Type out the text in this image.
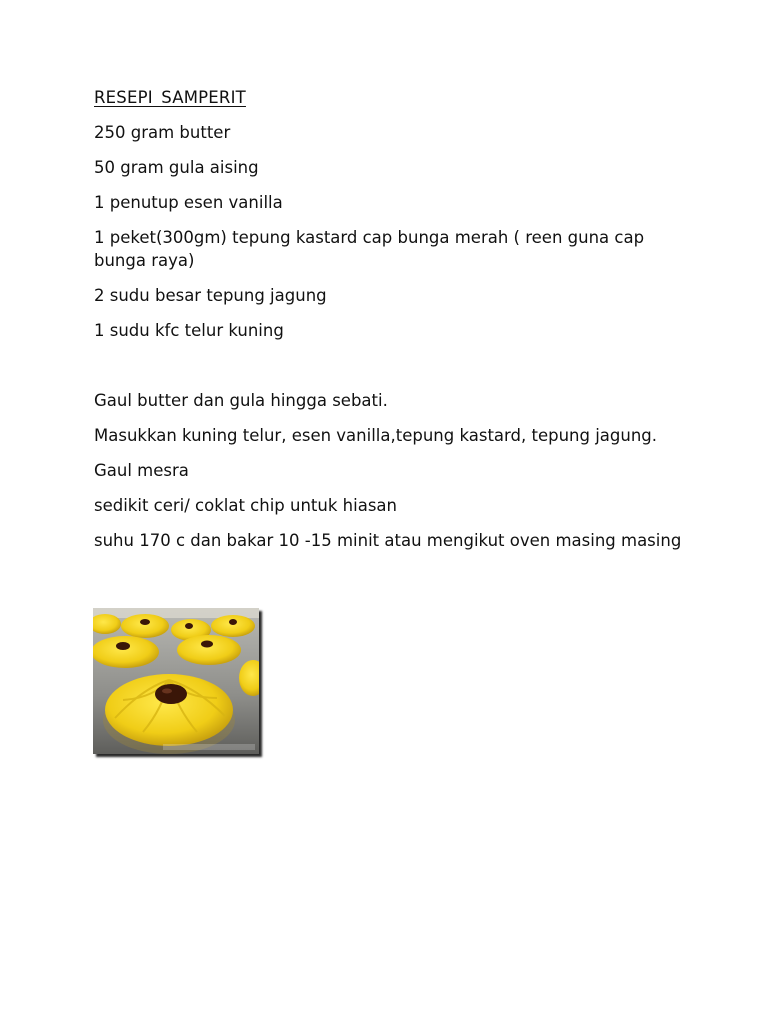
RESEPI SAMPERIT

250 gram butter

50 gram gula aising

1 penutup esen vanilla

1 peket(300gm) tepung kastard cap bunga merah ( reen guna cap bunga raya)

2 sudu besar tepung jagung

1 sudu kfc telur kuning

Gaul butter dan gula hingga sebati.

Masukkan kuning telur, esen vanilla,tepung kastard, tepung jagung.

Gaul mesra

sedikit ceri/ coklat chip untuk hiasan

suhu 170 c dan bakar 10 -15 minit atau mengikut oven masing masing
